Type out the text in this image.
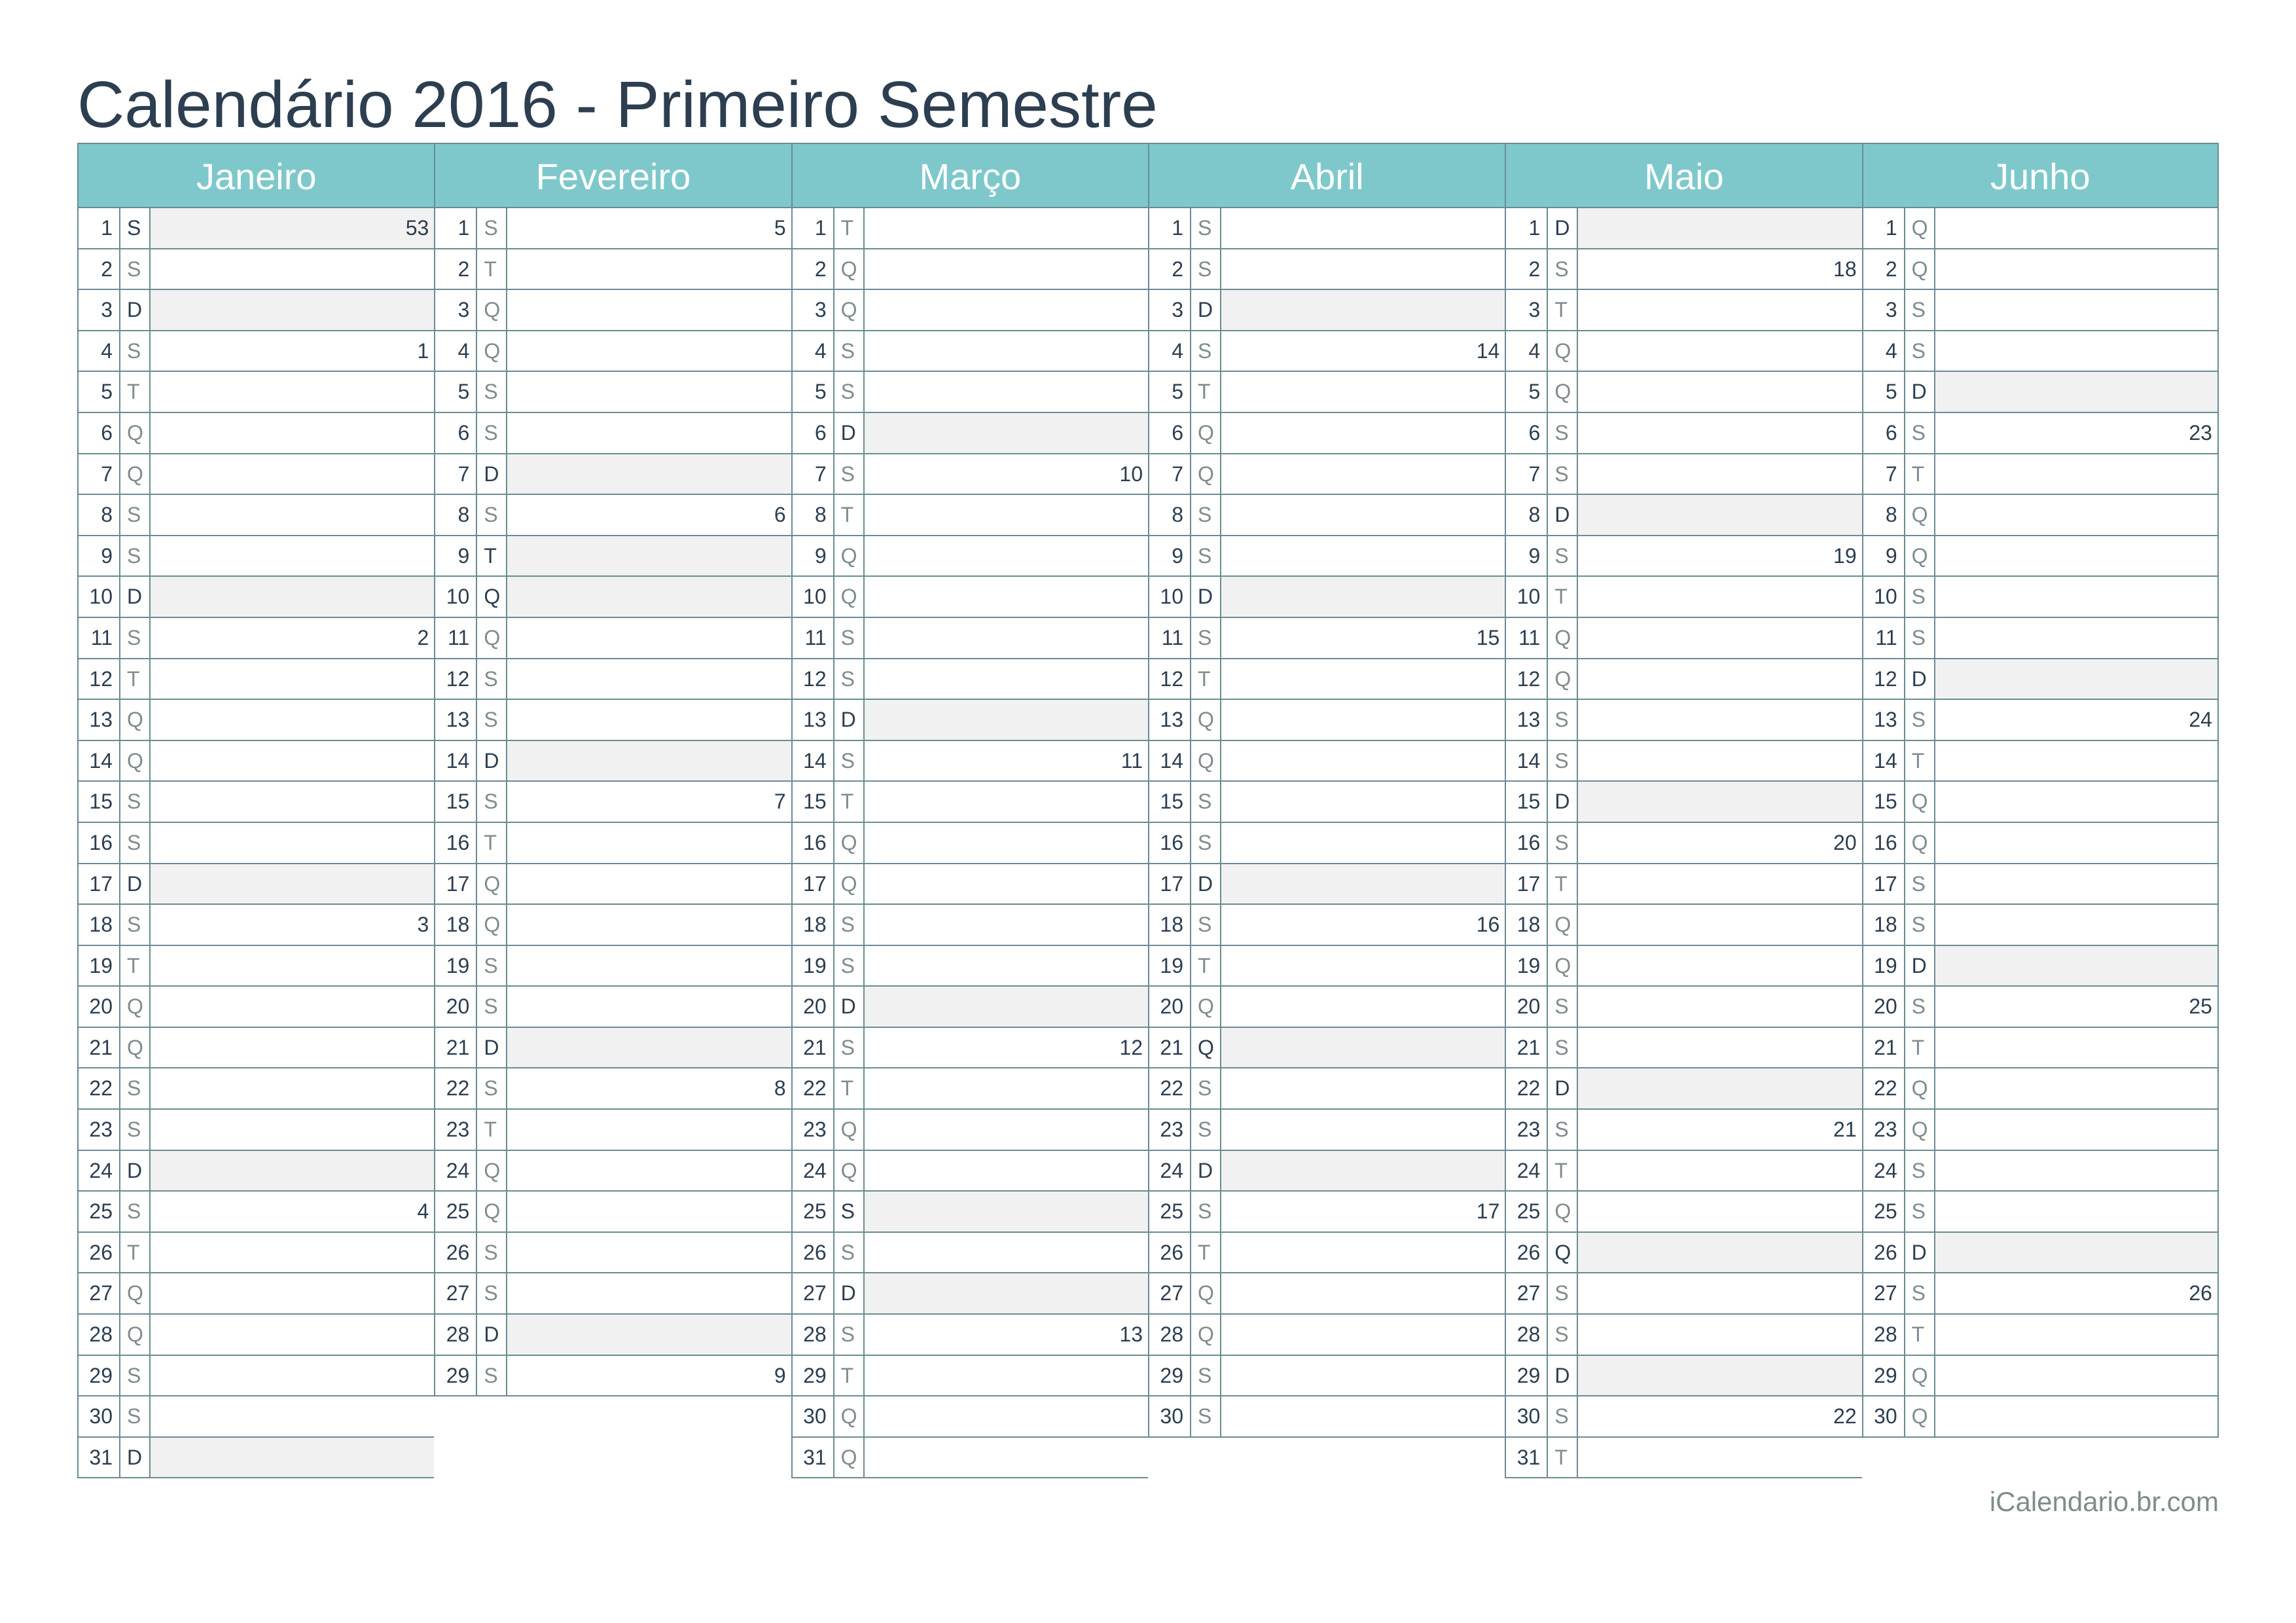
Calendário 2016 - Primeiro Semestre
Janeiro
1 S	53
2 S
3 D
4 S	1
5 T
6 Q
7 Q
8 S
9 S
10 D
11 S	2
12 T
13 Q
14 Q
15 S
16 S
17 D
18 S	3
19 T
20 Q
21 Q
22 S
23 S
24 D
25 S	4
26 T
27 Q
28 Q
29 S
30 S
31 D
Fevereiro
1 S	5
2 T
3 Q
4 Q
5 S
6 S
7 D
8 S	6
9 T
10 Q
11 Q
12 S
13 S
14 D
15 S	7
16 T
17 Q
18 Q
19 S
20 S
21 D
22 S	8
23 T
24 Q
25 Q
26 S
27 S
28 D
29 S	9
Março
1 T
2 Q
3 Q
4 S
5 S
6 D
7 S	10
8 T
9 Q
10 Q
11 S
12 S
13 D
14 S	11
15 T
16 Q
17 Q
18 S
19 S
20 D
21 S	12
22 T
23 Q
24 Q
25 S
26 S
27 D
28 S	13
29 T
30 Q
31 Q
Abril
1 S
2 S
3 D
4 S	14
5 T
6 Q
7 Q
8 S
9 S
10 D
11 S	15
12 T
13 Q
14 Q
15 S
16 S
17 D
18 S	16
19 T
20 Q
21 Q
22 S
23 S
24 D
25 S	17
26 T
27 Q
28 Q
29 S
30 S
Maio
1 D
2 S	18
3 T
4 Q
5 Q
6 S
7 S
8 D
9 S	19
10 T
11 Q
12 Q
13 S
14 S
15 D
16 S	20
17 T
18 Q
19 Q
20 S
21 S
22 D
23 S	21
24 T
25 Q
26 Q
27 S
28 S
29 D
30 S	22
31 T
Junho
1 Q
2 Q
3 S
4 S
5 D
6 S	23
7 T
8 Q
9 Q
10 S
11 S
12 D
13 S	24
14 T
15 Q
16 Q
17 S
18 S
19 D
20 S	25
21 T
22 Q
23 Q
24 S
25 S
26 D
27 S	26
28 T
29 Q
30 Q
iCalendario.br.com
